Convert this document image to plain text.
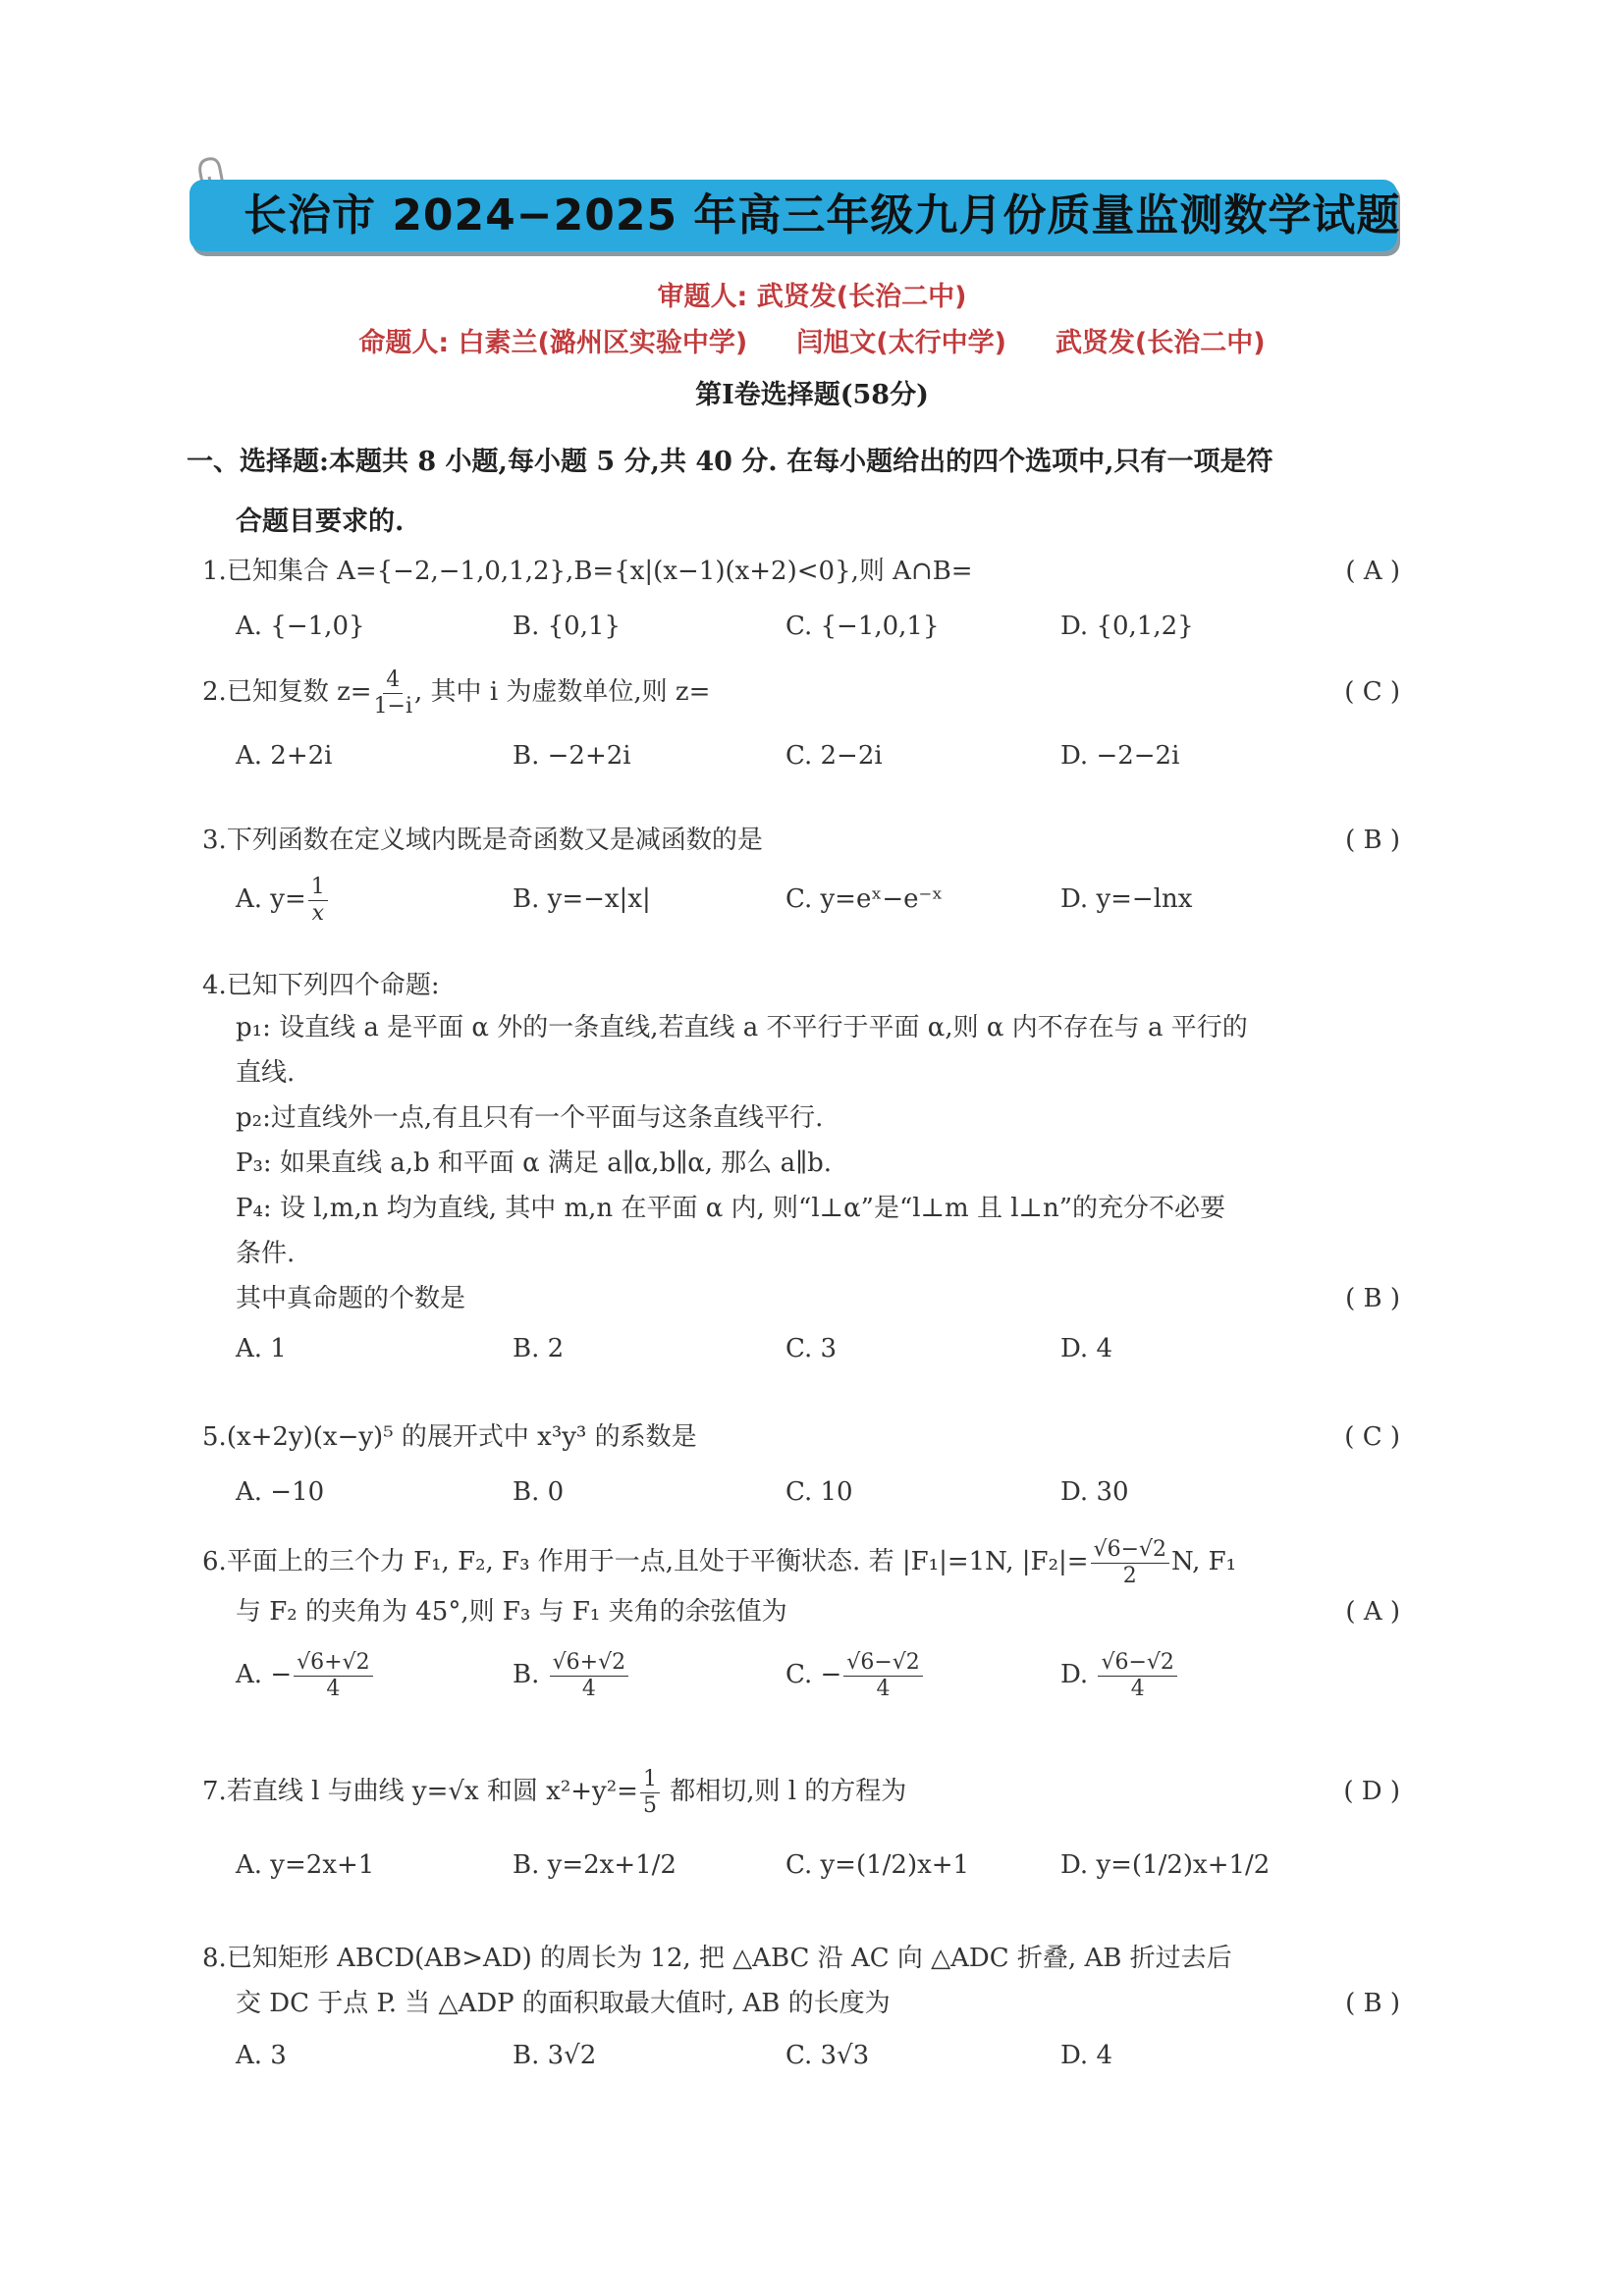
长治市 2024−2025 年高三年级九月份质量监测数学试题
审题人: 武贤发(长治二中)
命题人: 白素兰(潞州区实验中学) 闫旭文(太行中学) 武贤发(长治二中)
第Ⅰ卷选择题(58分)
一、选择题:本题共 8 小题,每小题 5 分,共 40 分. 在每小题给出的四个选项中,只有一项是符
合题目要求的.
1.已知集合 A={−2,−1,0,1,2},B={x|(x−1)(x+2)<0},则 A∩B=	( A )
A. {−1,0}	B. {0,1}	C. {−1,0,1}	D. {0,1,2}
2.已知复数 $z= \frac{4}{1-i}$ , 其中 i 为虚数单位,则 z=	( C )
A. 2+2i	B. −2+2i	C. 2−2i	D. −2−2i
3.下列函数在定义域内既是奇函数又是减函数的是	( B )
A. $y= \frac{1}{x}$	B. y=−x|x|	C. y=eˣ−e⁻ˣ	D. y=−lnx
4.已知下列四个命题:
p₁: 设直线 a 是平面 α 外的一条直线,若直线 a 不平行于平面 α,则 α 内不存在与 a 平行的
直线.
p₂:过直线外一点,有且只有一个平面与这条直线平行.
P₃: 如果直线 a,b 和平面 α 满足 a∥α,b∥α, 那么 a∥b.
P₄: 设 l,m,n 均为直线, 其中 m,n 在平面 α 内, 则“l⊥α”是“l⊥m 且 l⊥n”的充分不必要
条件.
其中真命题的个数是	( B )
A. 1	B. 2	C. 3	D. 4
5.(x+2y)(x−y)⁵ 的展开式中 x³y³ 的系数是	( C )
A. −10	B. 0	C. 10	D. 30
6.平面上的三个力 F₁, F₂, F₃ 作用于一点,且处于平衡状态. 若 |F₁|=1N, $|F_2|= \frac{√6-√2}{2} N$, F₁
与 F₂ 的夹角为 45°,则 F₃ 与 F₁ 夹角的余弦值为	( A )
A. − $\frac{√6+√2}{4}$	B. $\frac{√6+√2}{4}$	C. − $\frac{√6-√2}{4}$	D. $\frac{√6-√2}{4}$
7.若直线 l 与曲线 y=√x 和圆 $x^2+y^2= \frac{1}{5}$ 都相切,则 l 的方程为	( D )
A. y=2x+1	B. y=2x+1/2	C. y=(1/2)x+1	D. y=(1/2)x+1/2
8.已知矩形 ABCD(AB>AD) 的周长为 12, 把 △ABC 沿 AC 向 △ADC 折叠, AB 折过去后
交 DC 于点 P. 当 △ADP 的面积取最大值时, AB 的长度为	( B )
A. 3	B. 3√2	C. 3√3	D. 4
